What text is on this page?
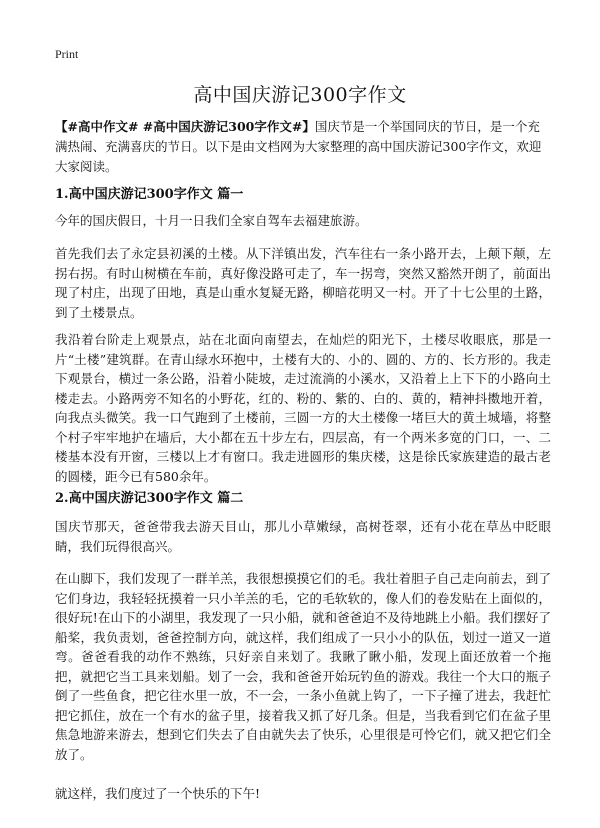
Print
高中国庆游记300字作文

【#高中作文# #高中国庆游记300字作文#】国庆节是一个举国同庆的节日，是一个充满热闹、充满喜庆的节日。以下是由文档网为大家整理的高中国庆游记300字作文，欢迎大家阅读。

1.高中国庆游记300字作文 篇一

今年的国庆假日，十月一日我们全家自驾车去福建旅游。

首先我们去了永定县初溪的土楼。从下洋镇出发，汽车往右一条小路开去，上颠下颠，左拐右拐。有时山树横在车前，真好像没路可走了，车一拐弯，突然又豁然开朗了，前面出现了村庄，出现了田地，真是山重水复疑无路，柳暗花明又一村。开了十七公里的土路，到了土楼景点。

我沿着台阶走上观景点，站在北面向南望去，在灿烂的阳光下，土楼尽收眼底，那是一片“土楼”建筑群。在青山绿水环抱中，土楼有大的、小的、圆的、方的、长方形的。我走下观景台，横过一条公路，沿着小陡坡，走过流淌的小溪水，又沿着上上下下的小路向土楼走去。小路两旁不知名的小野花，红的、粉的、紫的、白的、黄的，精神抖擞地开着，向我点头微笑。我一口气跑到了土楼前，三圆一方的大土楼像一堵巨大的黄土城墙，将整个村子牢牢地护在墙后，大小都在五十步左右，四层高，有一个两米多宽的门口，一、二楼基本没有开窗，三楼以上才有窗口。我走进圆形的集庆楼，这是徐氏家族建造的最古老的圆楼，距今已有580余年。

2.高中国庆游记300字作文 篇二

国庆节那天，爸爸带我去游天目山，那儿小草嫩绿，高树苍翠，还有小花在草丛中眨眼睛，我们玩得很高兴。

在山脚下，我们发现了一群羊羔，我很想摸摸它们的毛。我壮着胆子自己走向前去，到了它们身边，我轻轻抚摸着一只小羊羔的毛，它的毛软软的，像人们的卷发贴在上面似的，很好玩!在山下的小湖里，我发现了一只小船，就和爸爸迫不及待地跳上小船。我们摆好了船桨，我负责划，爸爸控制方向，就这样，我们组成了一只小小的队伍，划过一道又一道弯。爸爸看我的动作不熟练，只好亲自来划了。我瞅了瞅小船，发现上面还放着一个拖把，就把它当工具来划船。划了一会，我和爸爸开始玩钓鱼的游戏。我往一个大口的瓶子倒了一些鱼食，把它往水里一放，不一会，一条小鱼就上钩了，一下子撞了进去，我赶忙把它抓住，放在一个有水的盆子里，接着我又抓了好几条。但是，当我看到它们在盆子里焦急地游来游去，想到它们失去了自由就失去了快乐，心里很是可怜它们，就又把它们全放了。

就这样，我们度过了一个快乐的下午!
